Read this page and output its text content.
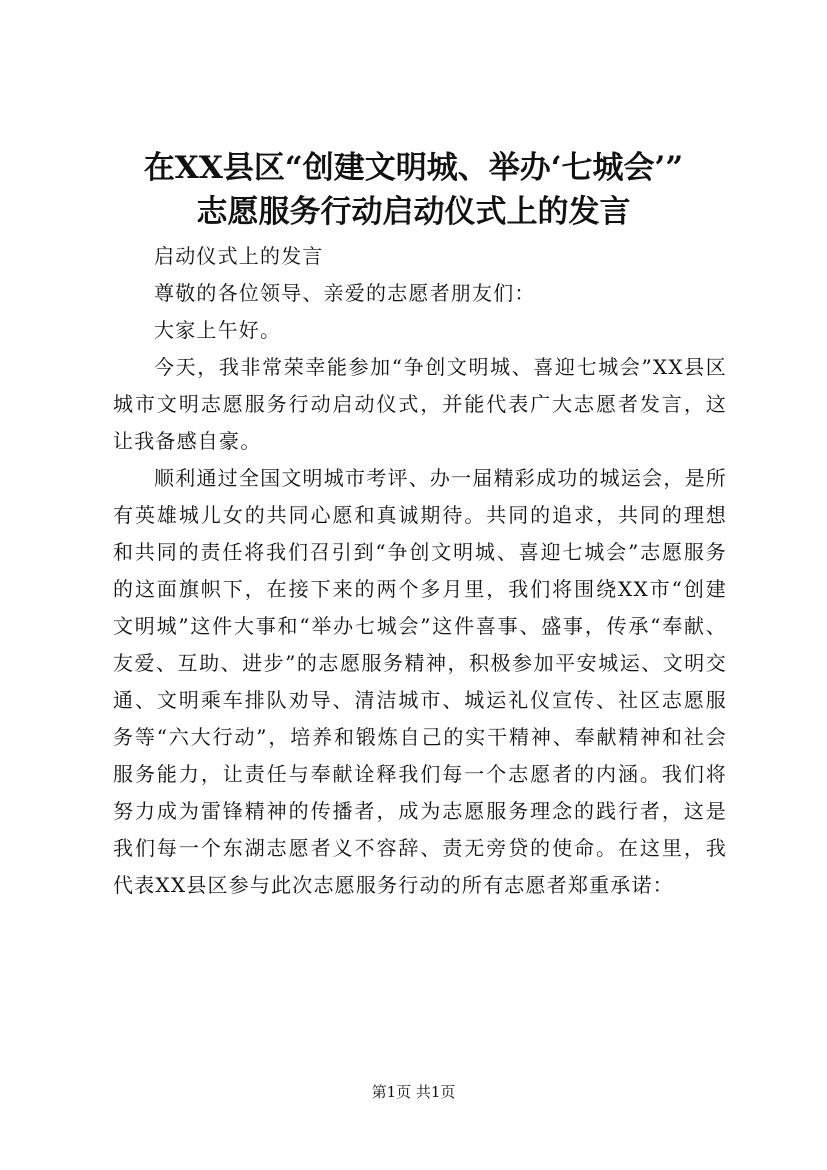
在XX县区“创建文明城、举办‘七城会’”
志愿服务行动启动仪式上的发言

启动仪式上的发言

尊敬的各位领导、亲爱的志愿者朋友们：

大家上午好。

今天，我非常荣幸能参加“争创文明城、喜迎七城会”XX县区城市文明志愿服务行动启动仪式，并能代表广大志愿者发言，这让我备感自豪。

顺利通过全国文明城市考评、办一届精彩成功的城运会，是所有英雄城儿女的共同心愿和真诚期待。共同的追求，共同的理想和共同的责任将我们召引到“争创文明城、喜迎七城会”志愿服务的这面旗帜下，在接下来的两个多月里，我们将围绕XX市“创建文明城”这件大事和“举办七城会”这件喜事、盛事，传承“奉献、友爱、互助、进步”的志愿服务精神，积极参加平安城运、文明交通、文明乘车排队劝导、清洁城市、城运礼仪宣传、社区志愿服务等“六大行动”，培养和锻炼自己的实干精神、奉献精神和社会服务能力，让责任与奉献诠释我们每一个志愿者的内涵。我们将努力成为雷锋精神的传播者，成为志愿服务理念的践行者，这是我们每一个东湖志愿者义不容辞、责无旁贷的使命。在这里，我代表XX县区参与此次志愿服务行动的所有志愿者郑重承诺：

第1页 共1页
